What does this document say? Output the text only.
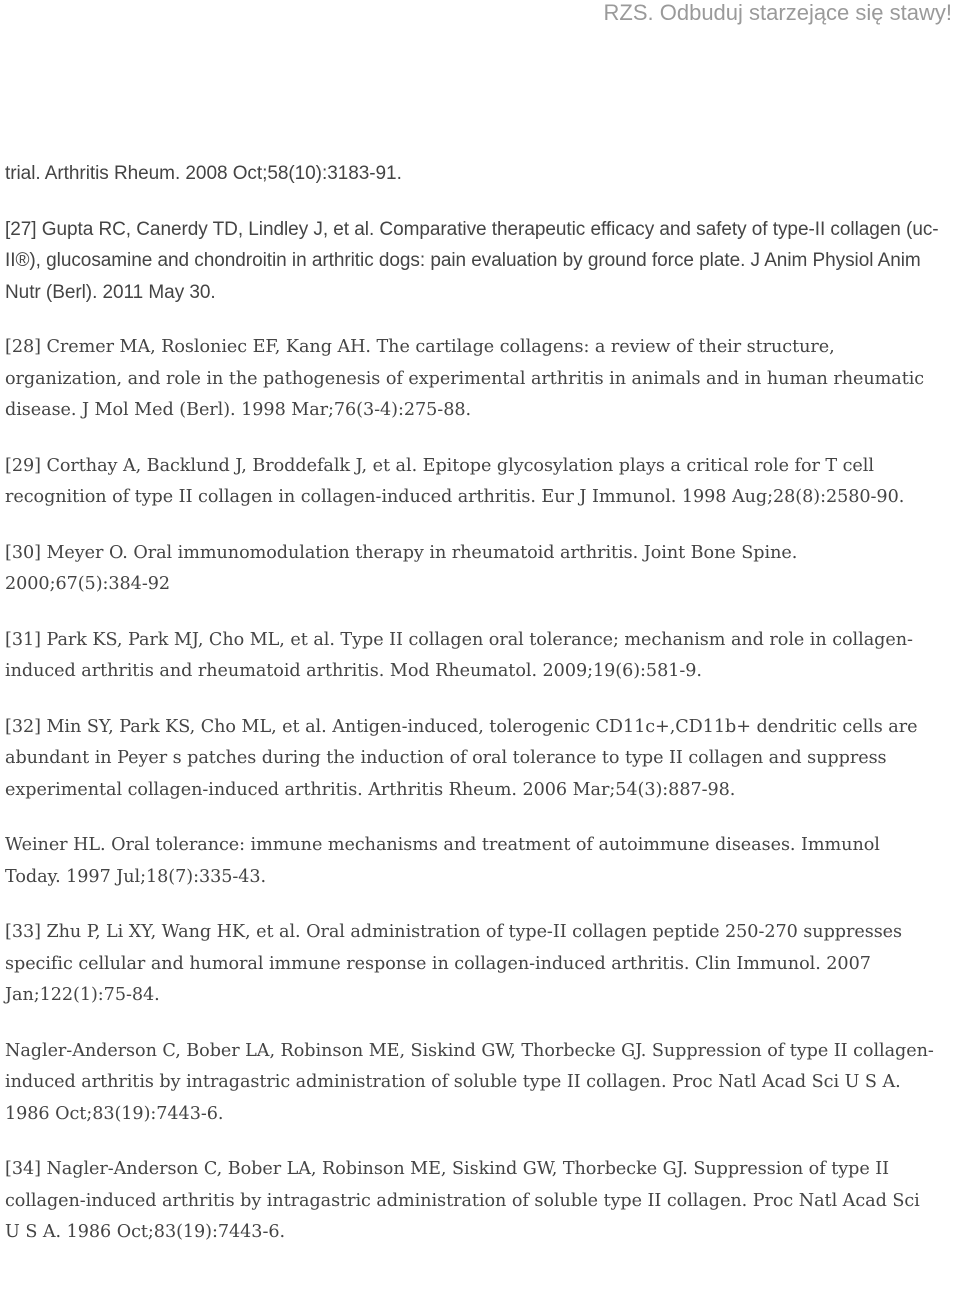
RZS. Odbuduj starzejące się stawy!

trial. Arthritis Rheum. 2008 Oct;58(10):3183-91.

[27] Gupta RC, Canerdy TD, Lindley J, et al. Comparative therapeutic efficacy and safety of type-II collagen (uc-II®), glucosamine and chondroitin in arthritic dogs: pain evaluation by ground force plate. J Anim Physiol Anim Nutr (Berl). 2011 May 30.

[28] Cremer MA, Rosloniec EF, Kang AH. The cartilage collagens: a review of their structure, organization, and role in the pathogenesis of experimental arthritis in animals and in human rheumatic disease. J Mol Med (Berl). 1998 Mar;76(3-4):275-88.

[29] Corthay A, Backlund J, Broddefalk J, et al. Epitope glycosylation plays a critical role for T cell recognition of type II collagen in collagen-induced arthritis. Eur J Immunol. 1998 Aug;28(8):2580-90.

[30] Meyer O. Oral immunomodulation therapy in rheumatoid arthritis. Joint Bone Spine. 2000;67(5):384-92

[31] Park KS, Park MJ, Cho ML, et al. Type II collagen oral tolerance; mechanism and role in collagen-induced arthritis and rheumatoid arthritis. Mod Rheumatol. 2009;19(6):581-9.

[32] Min SY, Park KS, Cho ML, et al. Antigen-induced, tolerogenic CD11c+,CD11b+ dendritic cells are abundant in Peyer s patches during the induction of oral tolerance to type II collagen and suppress experimental collagen-induced arthritis. Arthritis Rheum. 2006 Mar;54(3):887-98.

Weiner HL. Oral tolerance: immune mechanisms and treatment of autoimmune diseases. Immunol Today. 1997 Jul;18(7):335-43.

[33] Zhu P, Li XY, Wang HK, et al. Oral administration of type-II collagen peptide 250-270 suppresses specific cellular and humoral immune response in collagen-induced arthritis. Clin Immunol. 2007 Jan;122(1):75-84.

Nagler-Anderson C, Bober LA, Robinson ME, Siskind GW, Thorbecke GJ. Suppression of type II collagen-induced arthritis by intragastric administration of soluble type II collagen. Proc Natl Acad Sci U S A. 1986 Oct;83(19):7443-6.

[34] Nagler-Anderson C, Bober LA, Robinson ME, Siskind GW, Thorbecke GJ. Suppression of type II collagen-induced arthritis by intragastric administration of soluble type II collagen. Proc Natl Acad Sci U S A. 1986 Oct;83(19):7443-6.
